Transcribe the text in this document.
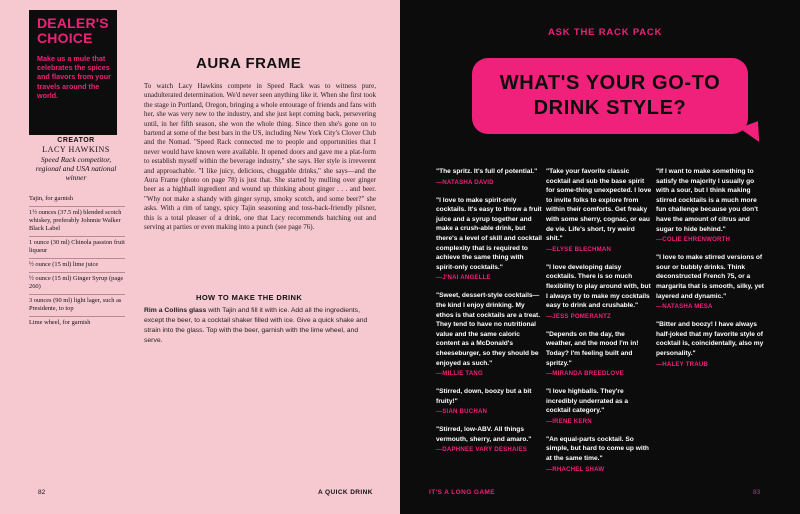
DEALER'S CHOICE
Make us a mule that celebrates the spices and flavors from your travels around the world.
CREATOR
LACY HAWKINS
Speed Rack competitor, regional and USA national winner
Tajin, for garnish
1½ ounces (37.5 ml) blended scotch whiskey, preferably Johnnie Walker Black Label
1 ounce (30 ml) Chinola passion fruit liqueur
½ ounce (15 ml) lime juice
½ ounce (15 ml) Ginger Syrup (page 260)
3 ounces (90 ml) light lager, such as Presidente, to top
Lime wheel, for garnish
AURA FRAME
To watch Lacy Hawkins compete in Speed Rack was to witness pure, unadulterated determination. We'd never seen anything like it. When she first took the stage in Portland, Oregon, bringing a whole entourage of friends and fans with her, she was very new to the industry, and she just kept coming back, persevering until, in her fifth season, she won the whole thing. Since then she's gone on to bartend at some of the best bars in the US, including New York City's Clover Club and the Nomad. "Speed Rack connected me to people and opportunities that I never would have known were available. It opened doors and gave me a plat-form to establish myself within the beverage industry," she says. Her style is irreverent and approachable. "I like juicy, delicious, chuggable drinks," she says—and the Aura Frame (photo on page 78) is just that. She started by mulling over ginger beer as a highball ingredient and wound up thinking about ginger . . . and beer. "Why not make a shandy with ginger syrup, smoky scotch, and some beer?" she asks. With a rim of tangy, spicy Tajin seasoning and toss-back-friendly pilsner, this is a total pleaser of a drink, one that Lacy recommends batching out and serving at parties or even making into a punch (see page 76).
HOW TO MAKE THE DRINK
Rim a Collins glass with Tajin and fill it with ice. Add all the ingredients, except the beer, to a cocktail shaker filled with ice. Give a quick shake and strain into the glass. Top with the beer, garnish with the lime wheel, and serve.
82	A QUICK DRINK
ASK THE RACK PACK
WHAT'S YOUR GO-TO DRINK STYLE?
"The spritz. It's full of potential."
—NATASHA DAVID
"I love to make spirit-only cocktails. It's easy to throw a fruit juice and a syrup together and make a crush-able drink, but there's a level of skill and cocktail complexity that is required to achieve the same thing with spirit-only cocktails."
—J'NAI ANGELLE
"Sweet, dessert-style cocktails—the kind I enjoy drinking. My ethos is that cocktails are a treat. They tend to have no nutritional value and the same caloric content as a McDonald's cheeseburger, so they should be enjoyed as such."
—MILLIE TANG
"Stirred, down, boozy but a bit fruity!"
—SIAN BUCHAN
"Stirred, low-ABV. All things vermouth, sherry, and amaro."
—DAPHNEE VARY DESHAIES
"Take your favorite classic cocktail and sub the base spirit for some-thing unexpected. I love to invite folks to explore from within their comforts. Get freaky with some sherry, cognac, or eau de vie. Life's short, try weird shit."
—ELYSE BLECHMAN
"I love developing daisy cocktails. There is so much flexibility to play around with, but I always try to make my cocktails easy to drink and crushable."
—JESS POMERANTZ
"Depends on the day, the weather, and the mood I'm in! Today? I'm feeling built and spritzy."
—MIRANDA BREEDLOVE
"I love highballs. They're incredibly underrated as a cocktail category."
—IRENE KERN
"An equal-parts cocktail. So simple, but hard to come up with at the same time."
—RHACHEL SHAW
"If I want to make something to satisfy the majority I usually go with a sour, but I think making stirred cocktails is a much more fun challenge because you don't have the amount of citrus and sugar to hide behind."
—COLIE EHRENWORTH
"I love to make stirred versions of sour or bubbly drinks. Think deconstructed French 75, or a margarita that is smooth, silky, yet layered and dynamic."
—NATASHA MESA
"Bitter and boozy! I have always half-joked that my favorite style of cocktail is, coincidentally, also my personality."
—HALEY TRAUB
IT'S A LONG GAME	83
